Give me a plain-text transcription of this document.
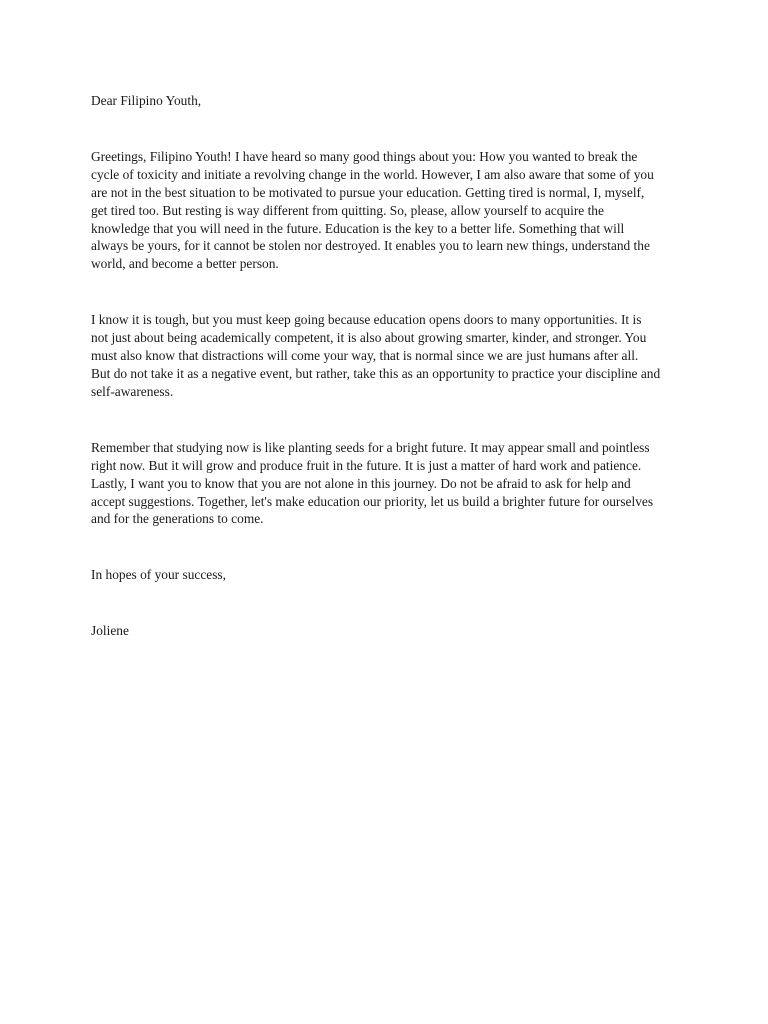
Dear Filipino Youth,

Greetings, Filipino Youth! I have heard so many good things about you: How you wanted to break the
cycle of toxicity and initiate a revolving change in the world. However, I am also aware that some of you
are not in the best situation to be motivated to pursue your education. Getting tired is normal, I, myself,
get tired too. But resting is way different from quitting. So, please, allow yourself to acquire the
knowledge that you will need in the future. Education is the key to a better life. Something that will
always be yours, for it cannot be stolen nor destroyed. It enables you to learn new things, understand the
world, and become a better person.

I know it is tough, but you must keep going because education opens doors to many opportunities. It is
not just about being academically competent, it is also about growing smarter, kinder, and stronger. You
must also know that distractions will come your way, that is normal since we are just humans after all.
But do not take it as a negative event, but rather, take this as an opportunity to practice your discipline and
self-awareness.

Remember that studying now is like planting seeds for a bright future. It may appear small and pointless
right now. But it will grow and produce fruit in the future. It is just a matter of hard work and patience.
Lastly, I want you to know that you are not alone in this journey. Do not be afraid to ask for help and
accept suggestions. Together, let's make education our priority, let us build a brighter future for ourselves
and for the generations to come.

In hopes of your success,

Joliene
